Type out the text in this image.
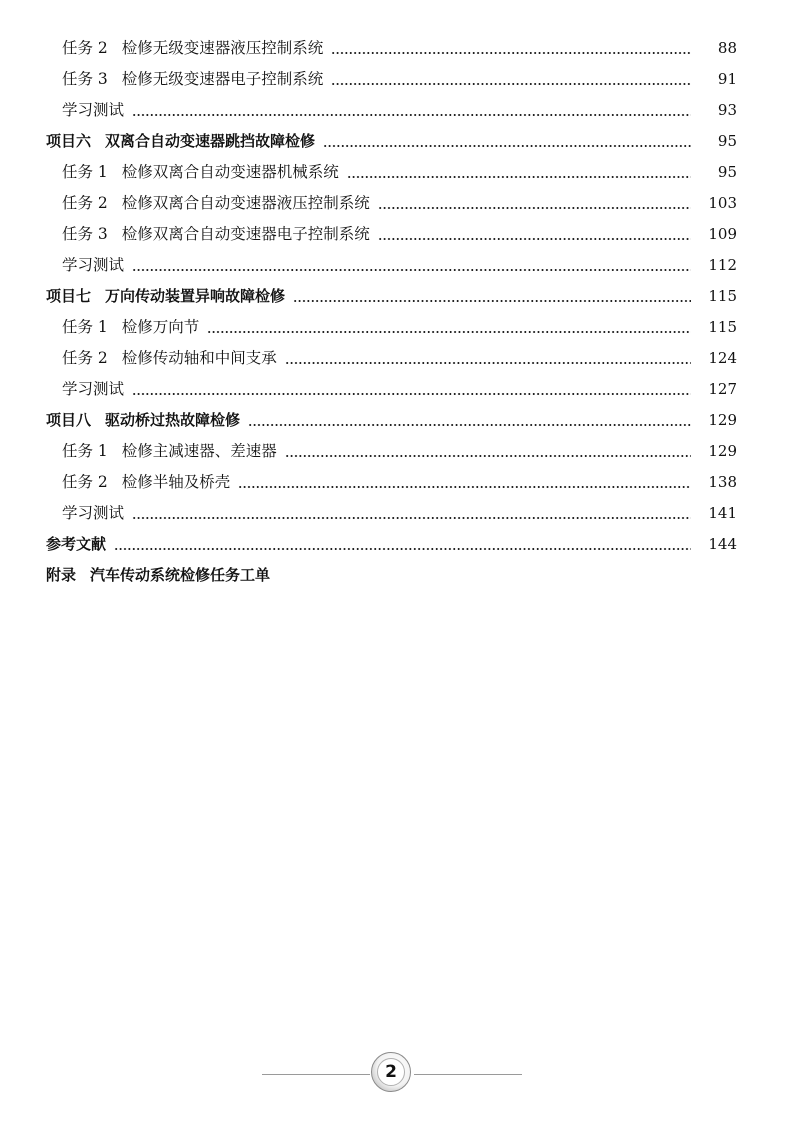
任务 2 检修无级变速器液压控制系统	88
任务 3 检修无级变速器电子控制系统	91
学习测试	93
项目六 双离合自动变速器跳挡故障检修	95
任务 1 检修双离合自动变速器机械系统	95
任务 2 检修双离合自动变速器液压控制系统	103
任务 3 检修双离合自动变速器电子控制系统	109
学习测试	112
项目七 万向传动装置异响故障检修	115
任务 1 检修万向节	115
任务 2 检修传动轴和中间支承	124
学习测试	127
项目八 驱动桥过热故障检修	129
任务 1 检修主减速器、差速器	129
任务 2 检修半轴及桥壳	138
学习测试	141
参考文献	144
附录 汽车传动系统检修任务工单
2
